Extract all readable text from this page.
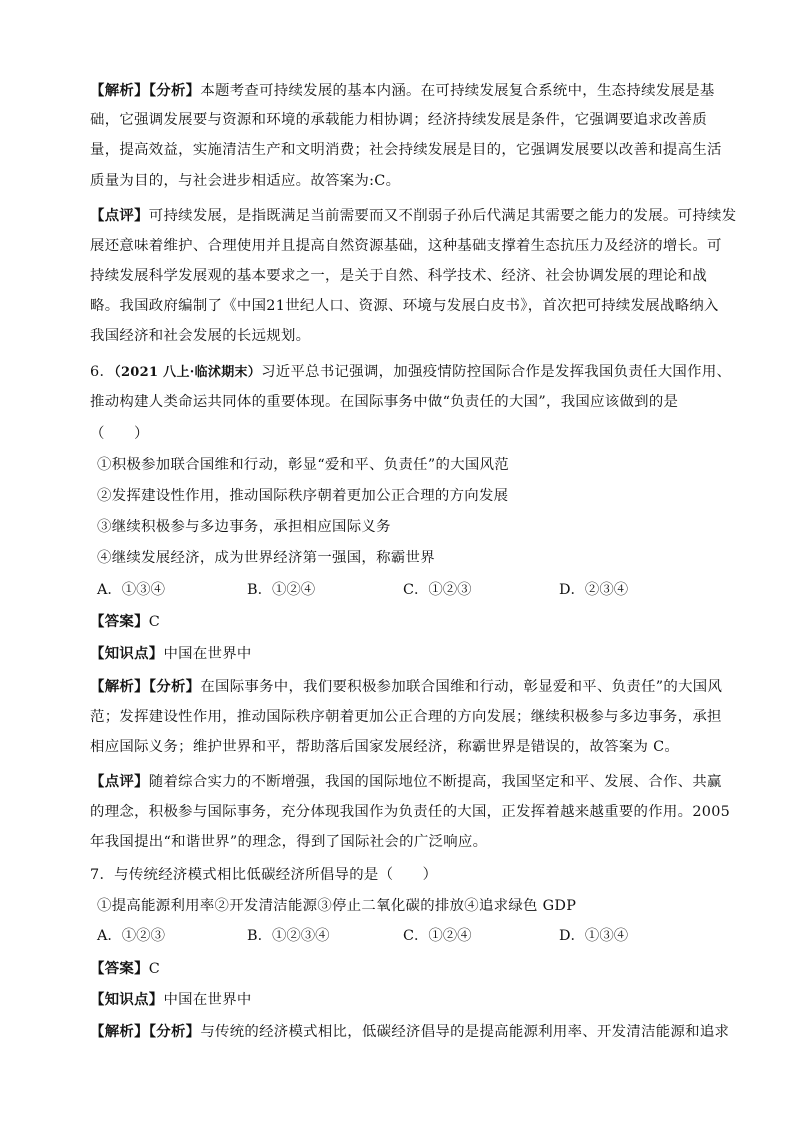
【解析】【分析】本题考查可持续发展的基本内涵。在可持续发展复合系统中，生态持续发展是基
础，它强调发展要与资源和环境的承载能力相协调；经济持续发展是条件，它强调要追求改善质
量，提高效益，实施清洁生产和文明消费；社会持续发展是目的，它强调发展要以改善和提高生活
质量为目的，与社会进步相适应。故答案为:C。
【点评】可持续发展，是指既满足当前需要而又不削弱子孙后代满足其需要之能力的发展。可持续发
展还意味着维护、合理使用并且提高自然资源基础，这种基础支撑着生态抗压力及经济的增长。可
持续发展科学发展观的基本要求之一，是关于自然、科学技术、经济、社会协调发展的理论和战
略。我国政府编制了《中国21世纪人口、资源、环境与发展白皮书》，首次把可持续发展战略纳入
我国经济和社会发展的长远规划。
6．（2021 八上·临沭期末）习近平总书记强调，加强疫情防控国际合作是发挥我国负责任大国作用、
推动构建人类命运共同体的重要体现。在国际事务中做“负责任的大国”，我国应该做到的是
（　　）
①积极参加联合国维和行动，彰显“爱和平、负责任”的大国风范
②发挥建设性作用，推动国际秩序朝着更加公正合理的方向发展
③继续积极参与多边事务，承担相应国际义务
④继续发展经济，成为世界经济第一强国，称霸世界
A．①③④	B．①②④	C．①②③	D．②③④
【答案】C
【知识点】中国在世界中
【解析】【分析】在国际事务中，我们要积极参加联合国维和行动，彰显爱和平、负责任”的大国风
范；发挥建设性作用，推动国际秩序朝着更加公正合理的方向发展；继续积极参与多边事务，承担
相应国际义务；维护世界和平，帮助落后国家发展经济，称霸世界是错误的，故答案为 C。
【点评】随着综合实力的不断增强，我国的国际地位不断提高，我国坚定和平、发展、合作、共赢
的理念，积极参与国际事务，充分体现我国作为负责任的大国，正发挥着越来越重要的作用。2005
年我国提出“和谐世界”的理念，得到了国际社会的广泛响应。
7．与传统经济模式相比低碳经济所倡导的是（　　）
①提高能源利用率②开发清洁能源③停止二氧化碳的排放④追求绿色 GDP
A．①②③	B．①②③④	C．①②④	D．①③④
【答案】C
【知识点】中国在世界中
【解析】【分析】与传统的经济模式相比，低碳经济倡导的是提高能源利用率、开发清洁能源和追求
